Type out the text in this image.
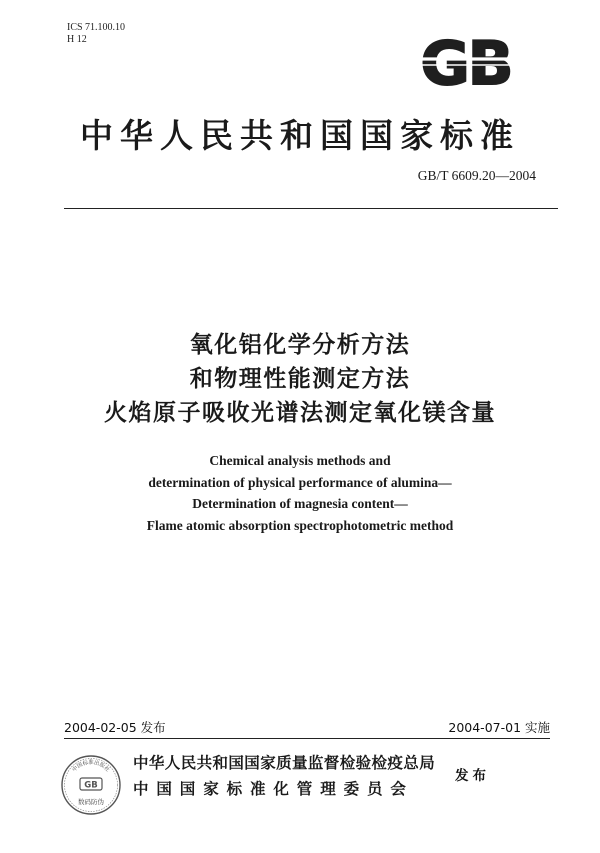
ICS 71.100.10
H 12	GB
中华人民共和国国家标准
GB/T 6609.20—2004
氧化铝化学分析方法
和物理性能测定方法
火焰原子吸收光谱法测定氧化镁含量
Chemical analysis methods and
determination of physical performance of alumina—
Determination of magnesia content—
Flame atomic absorption spectrophotometric method
2004-02-05 发布	2004-07-01 实施
中国标准出版社
GB
数码防伪
中华人民共和国国家质量监督检验检疫总局
中国国家标准化管理委员会
发布
